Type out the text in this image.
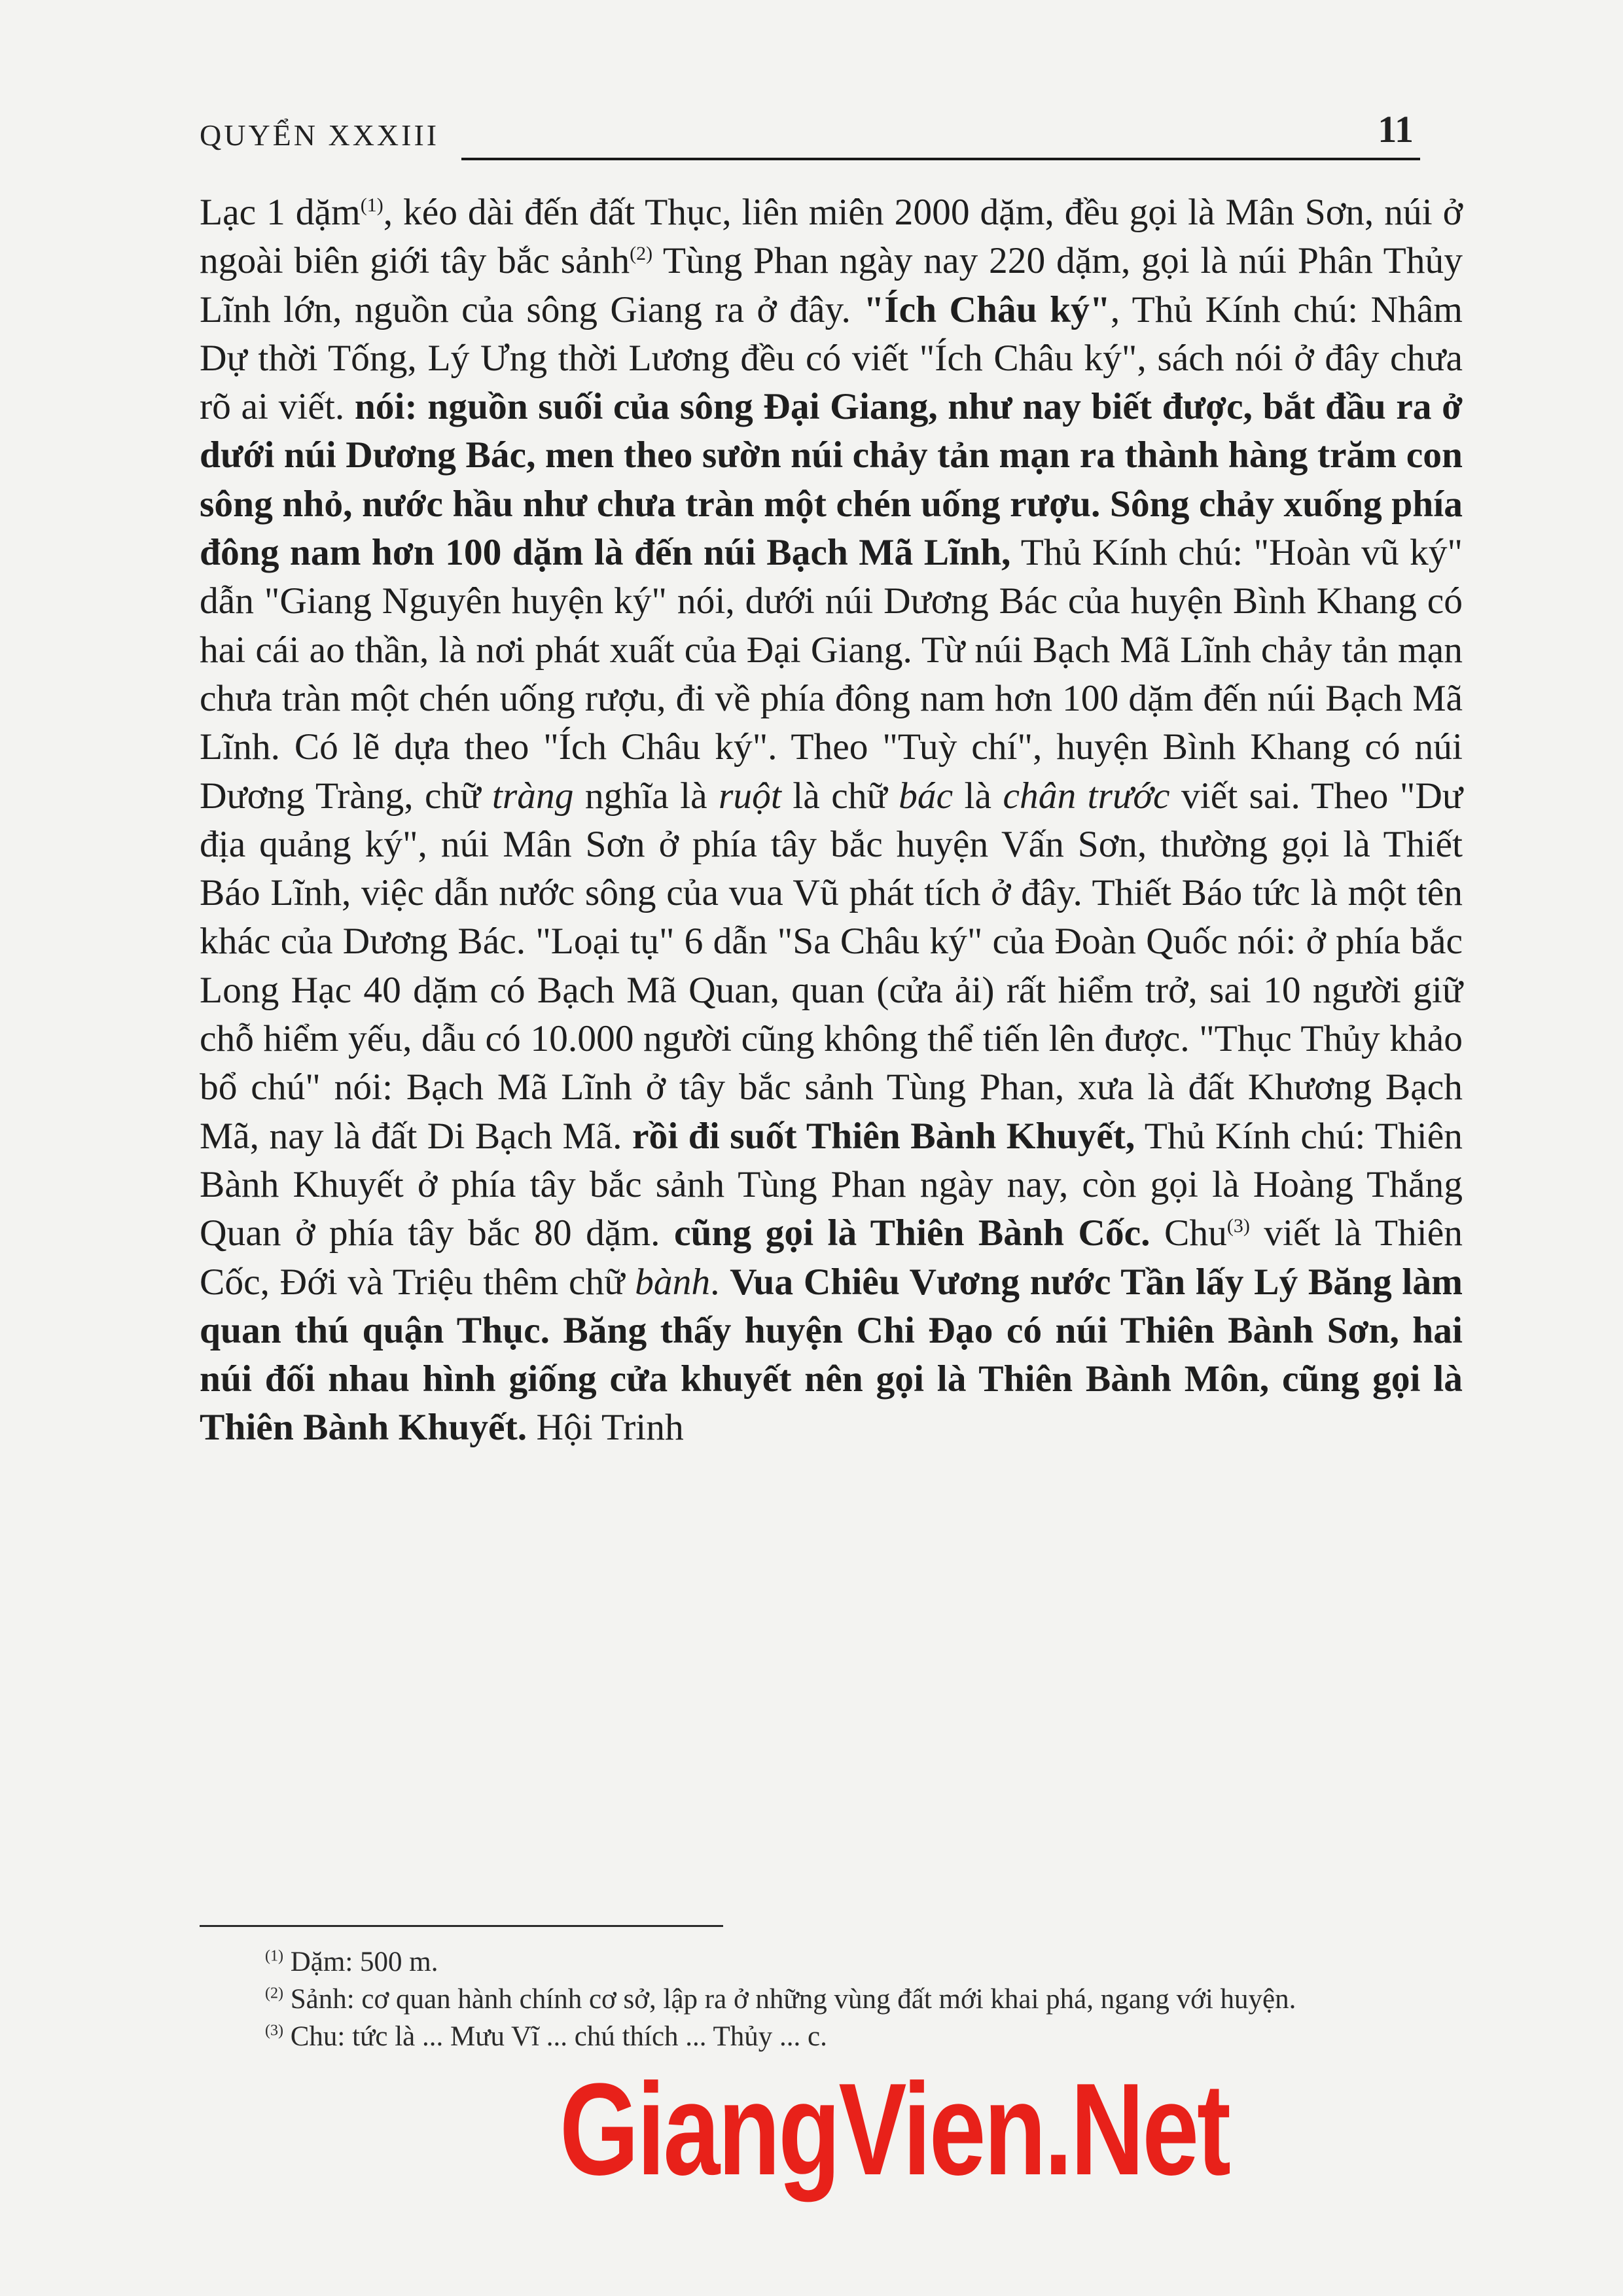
QUYỂN XXXIII	11
Lạc 1 dặm$^{(1)}$, kéo dài đến đất Thục, liên miên 2000 dặm, đều gọi là Mân Sơn, núi ở ngoài biên giới tây bắc sảnh$^{(2)}$ Tùng Phan ngày nay 220 dặm, gọi là núi Phân Thủy Lĩnh lớn, nguồn của sông Giang ra ở đây. "Ích Châu ký", Thủ Kính chú: Nhâm Dự thời Tống, Lý Ưng thời Lương đều có viết "Ích Châu ký", sách nói ở đây chưa rõ ai viết. nói: nguồn suối của sông Đại Giang, như nay biết được, bắt đầu ra ở dưới núi Dương Bác, men theo sườn núi chảy tản mạn ra thành hàng trăm con sông nhỏ, nước hầu như chưa tràn một chén uống rượu. Sông chảy xuống phía đông nam hơn 100 dặm là đến núi Bạch Mã Lĩnh, Thủ Kính chú: "Hoàn vũ ký" dẫn "Giang Nguyên huyện ký" nói, dưới núi Dương Bác của huyện Bình Khang có hai cái ao thần, là nơi phát xuất của Đại Giang. Từ núi Bạch Mã Lĩnh chảy tản mạn chưa tràn một chén uống rượu, đi về phía đông nam hơn 100 dặm đến núi Bạch Mã Lĩnh. Có lẽ dựa theo "Ích Châu ký". Theo "Tuỳ chí", huyện Bình Khang có núi Dương Tràng, chữ tràng nghĩa là ruột là chữ bác là chân trước viết sai. Theo "Dư địa quảng ký", núi Mân Sơn ở phía tây bắc huyện Vấn Sơn, thường gọi là Thiết Báo Lĩnh, việc dẫn nước sông của vua Vũ phát tích ở đây. Thiết Báo tức là một tên khác của Dương Bác. "Loại tụ" 6 dẫn "Sa Châu ký" của Đoàn Quốc nói: ở phía bắc Long Hạc 40 dặm có Bạch Mã Quan, quan (cửa ải) rất hiểm trở, sai 10 người giữ chỗ hiểm yếu, dẫu có 10.000 người cũng không thể tiến lên được. "Thục Thủy khảo bổ chú" nói: Bạch Mã Lĩnh ở tây bắc sảnh Tùng Phan, xưa là đất Khương Bạch Mã, nay là đất Di Bạch Mã. rồi đi suốt Thiên Bành Khuyết, Thủ Kính chú: Thiên Bành Khuyết ở phía tây bắc sảnh Tùng Phan ngày nay, còn gọi là Hoàng Thắng Quan ở phía tây bắc 80 dặm. cũng gọi là Thiên Bành Cốc. Chu$^{(3)}$ viết là Thiên Cốc, Đới và Triệu thêm chữ bành. Vua Chiêu Vương nước Tần lấy Lý Băng làm quan thú quận Thục. Băng thấy huyện Chi Đạo có núi Thiên Bành Sơn, hai núi đối nhau hình giống cửa khuyết nên gọi là Thiên Bành Môn, cũng gọi là Thiên Bành Khuyết. Hội Trinh

$^{(1)}$ Dặm: 500 m.

$^{(2)}$ Sảnh: cơ quan hành chính cơ sở, lập ra ở những vùng đất mới khai phá, ngang với huyện.

$^{(3)}$ Chu: tức là ... Mưu Vĩ ... chú thích ... Thủy ... c.

GiangVien.Net
